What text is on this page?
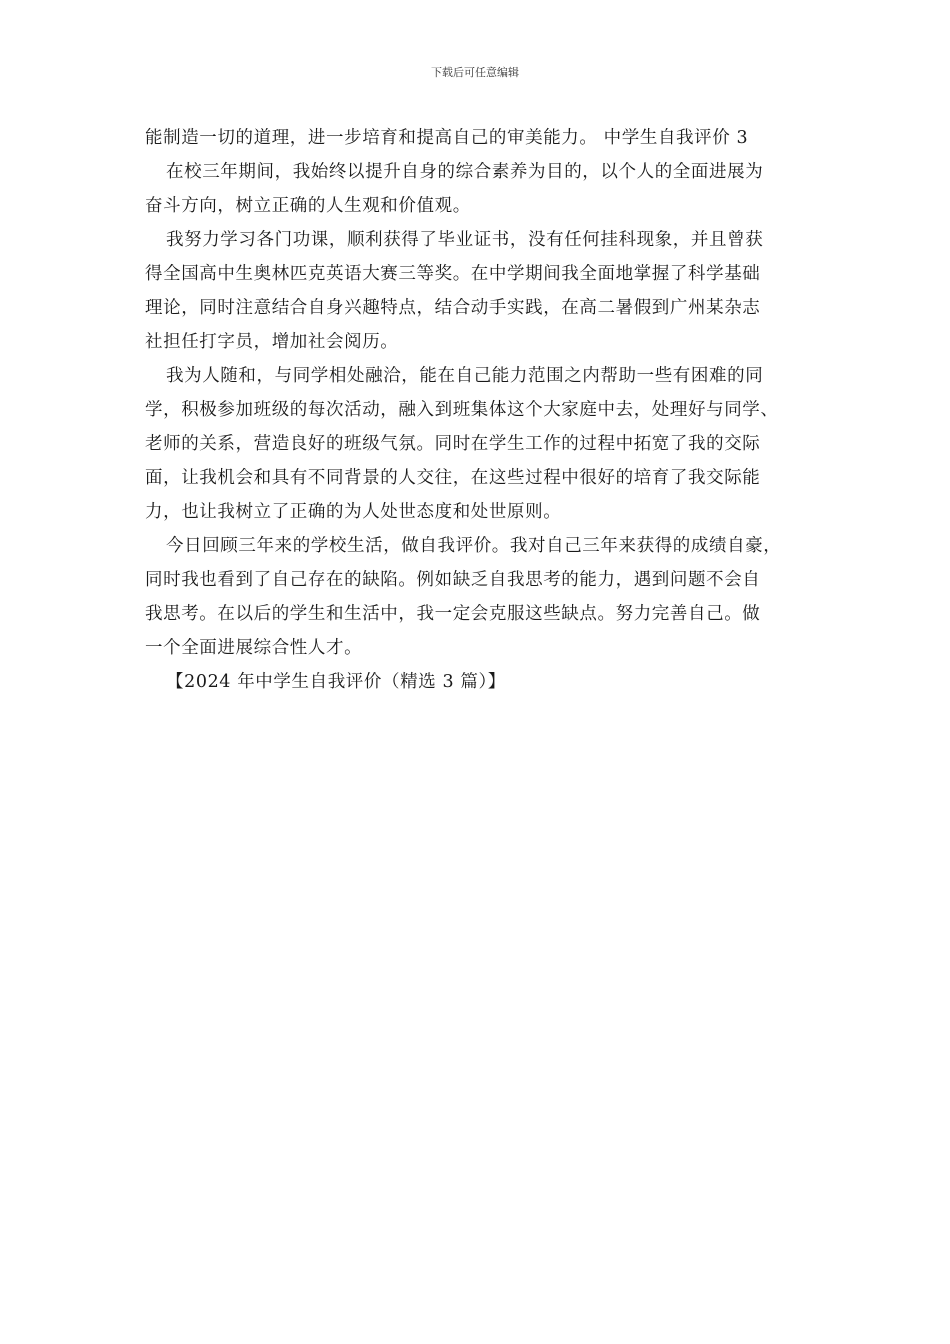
下载后可任意编辑
能制造一切的道理，进一步培育和提高自己的审美能力。 中学生自我评价 3
在校三年期间，我始终以提升自身的综合素养为目的，以个人的全面进展为
奋斗方向，树立正确的人生观和价值观。
我努力学习各门功课，顺利获得了毕业证书，没有任何挂科现象，并且曾获
得全国高中生奥林匹克英语大赛三等奖。在中学期间我全面地掌握了科学基础
理论，同时注意结合自身兴趣特点，结合动手实践，在高二暑假到广州某杂志
社担任打字员，增加社会阅历。
我为人随和，与同学相处融洽，能在自己能力范围之内帮助一些有困难的同
学，积极参加班级的每次活动，融入到班集体这个大家庭中去，处理好与同学、
老师的关系，营造良好的班级气氛。同时在学生工作的过程中拓宽了我的交际
面，让我机会和具有不同背景的人交往，在这些过程中很好的培育了我交际能
力，也让我树立了正确的为人处世态度和处世原则。
今日回顾三年来的学校生活，做自我评价。我对自己三年来获得的成绩自豪，
同时我也看到了自己存在的缺陷。例如缺乏自我思考的能力，遇到问题不会自
我思考。在以后的学生和生活中，我一定会克服这些缺点。努力完善自己。做
一个全面进展综合性人才。
【2024 年中学生自我评价（精选 3 篇）】
